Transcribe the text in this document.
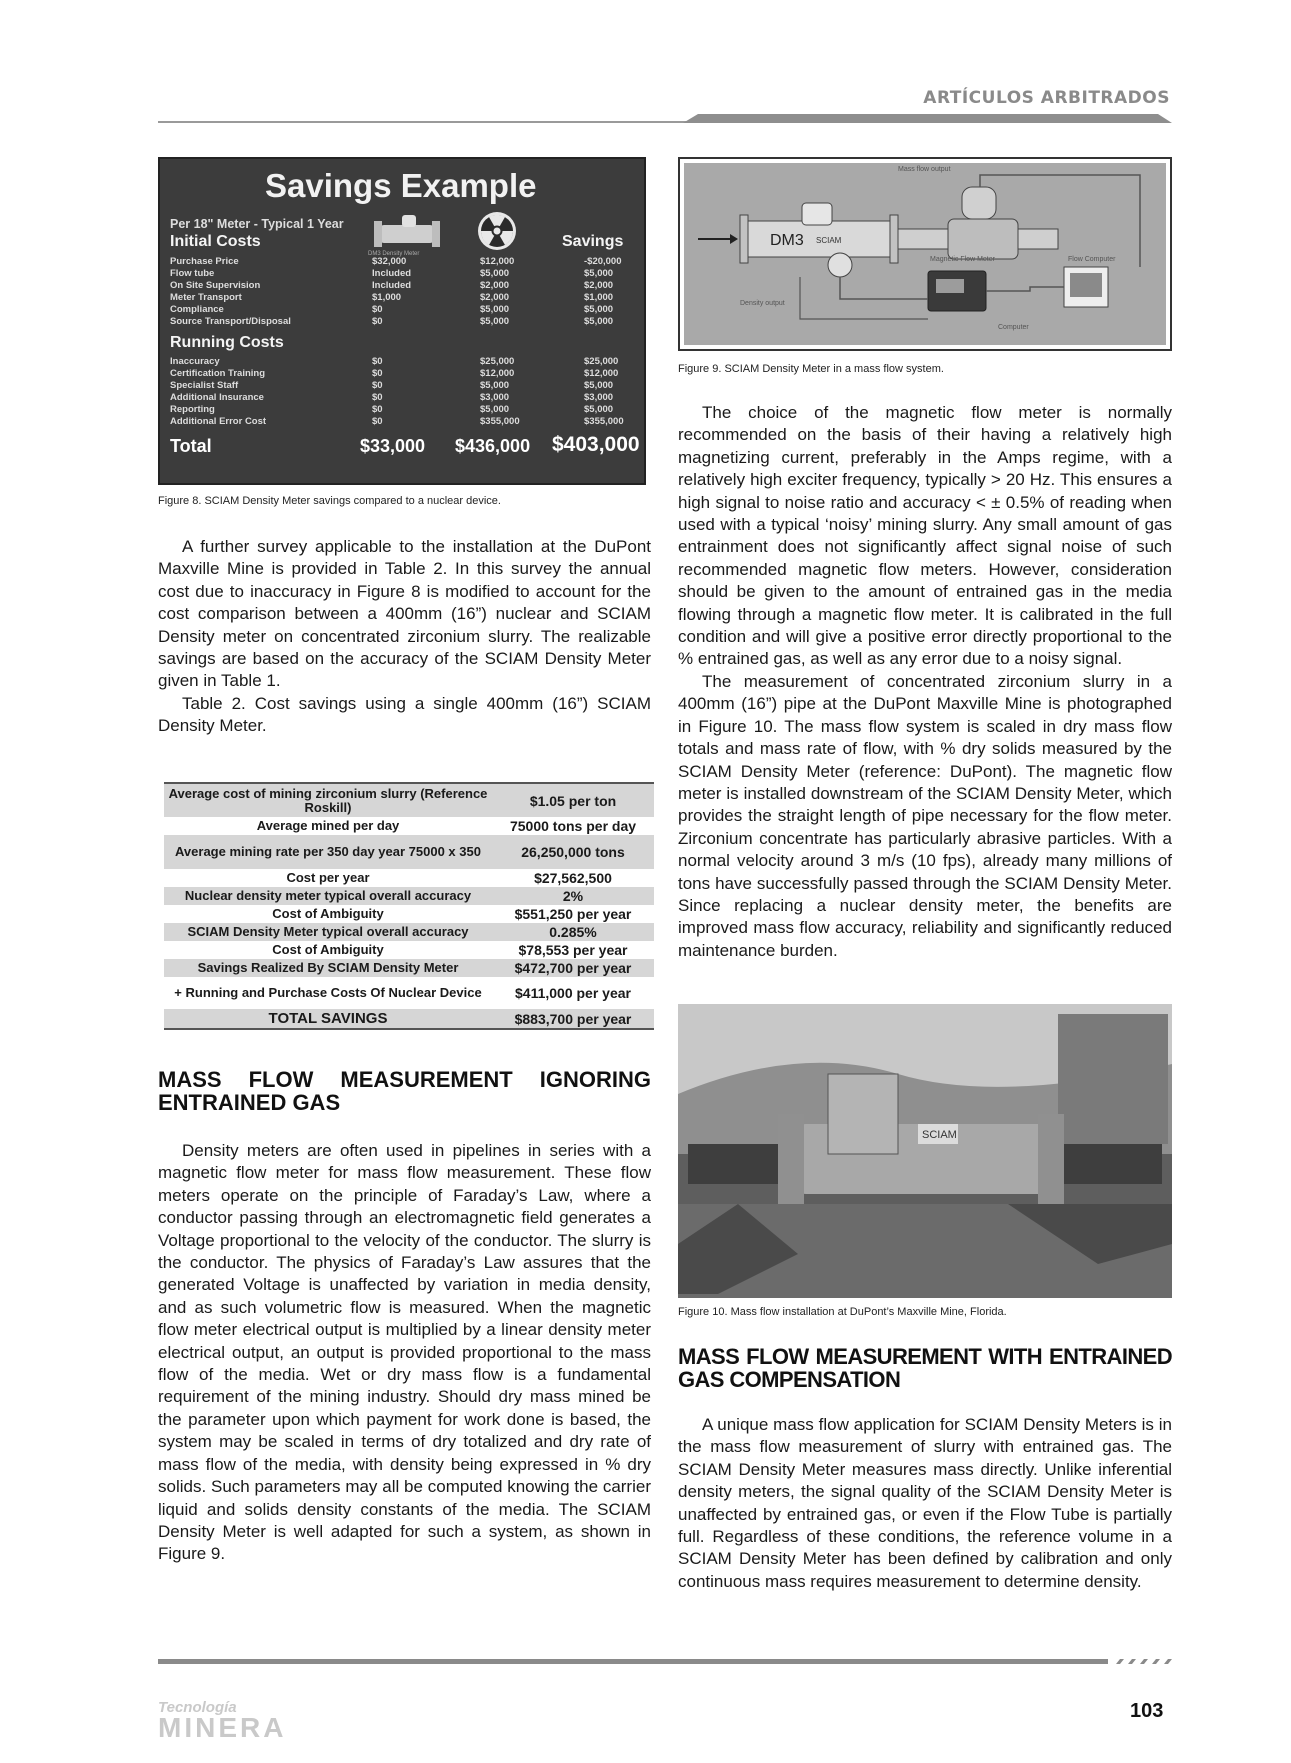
ARTÍCULOS ARBITRADOS
Savings Example
Per 18" Meter - Typical 1 Year
DM3 Density Meter
Initial Costs	Savings
Purchase Price	$32,000	$12,000	-$20,000
Flow tube	Included	$5,000	$5,000
On Site Supervision	Included	$2,000	$2,000
Meter Transport	$1,000	$2,000	$1,000
Compliance	$0	$5,000	$5,000
Source Transport/Disposal	$0	$5,000	$5,000
Running Costs
Inaccuracy	$0	$25,000	$25,000
Certification Training	$0	$12,000	$12,000
Specialist Staff	$0	$5,000	$5,000
Additional Insurance	$0	$3,000	$3,000
Reporting	$0	$5,000	$5,000
Additional Error Cost	$0	$355,000	$355,000
Total	$33,000 $436,000 $403,000
Figure 8. SCIAM Density Meter savings compared to a nuclear device.
DM3 SCIAM
Mass flow output
Magnetic Flow Meter	Flow Computer
Density output
Computer
Figure 9. SCIAM Density Meter in a mass flow system.

A further survey applicable to the installation at the DuPont Maxville Mine is provided in Table 2. In this survey the annual cost due to inaccuracy in Figure 8 is modified to account for the cost comparison between a 400mm (16”) nuclear and SCIAM Density meter on concentrated zirconium slurry. The realizable savings are based on the accuracy of the SCIAM Density Meter given in Table 1.

Table 2. Cost savings using a single 400mm (16”) SCIAM Density Meter.

Average cost of mining zirconium slurry (Reference Roskill)	$1.05 per ton
Average mined per day	75000 tons per day
Average mining rate per 350 day year 75000 x 350	26,250,000 tons
Cost per year	$27,562,500
Nuclear density meter typical overall accuracy	2%
Cost of Ambiguity	$551,250 per year
SCIAM Density Meter typical overall accuracy	0.285%
Cost of Ambiguity	$78,553 per year
Savings Realized By SCIAM Density Meter	$472,700 per year
+ Running and Purchase Costs Of Nuclear Device	$411,000 per year
TOTAL SAVINGS	$883,700 per year
MASS FLOW MEASUREMENT IGNORING ENTRAINED GAS

Density meters are often used in pipelines in series with a magnetic flow meter for mass flow measurement. These flow meters operate on the principle of Faraday’s Law, where a conductor passing through an electromagnetic field generates a Voltage proportional to the velocity of the conductor. The slurry is the conductor. The physics of Faraday’s Law assures that the generated Voltage is unaffected by variation in media density, and as such volumetric flow is measured. When the magnetic flow meter electrical output is multiplied by a linear density meter electrical output, an output is provided proportional to the mass flow of the media. Wet or dry mass flow is a fundamental requirement of the mining industry. Should dry mass mined be the parameter upon which payment for work done is based, the system may be scaled in terms of dry totalized and dry rate of mass flow of the media, with density being expressed in % dry solids. Such parameters may all be computed knowing the carrier liquid and solids density constants of the media. The SCIAM Density Meter is well adapted for such a system, as shown in Figure 9.

The choice of the magnetic flow meter is normally recommended on the basis of their having a relatively high magnetizing current, preferably in the Amps regime, with a relatively high exciter frequency, typically > 20 Hz. This ensures a high signal to noise ratio and accuracy < ± 0.5% of reading when used with a typical ‘noisy’ mining slurry. Any small amount of gas entrainment does not significantly affect signal noise of such recommended magnetic flow meters. However, consideration should be given to the amount of entrained gas in the media flowing through a magnetic flow meter. It is calibrated in the full condition and will give a positive error directly proportional to the % entrained gas, as well as any error due to a noisy signal.

The measurement of concentrated zirconium slurry in a 400mm (16”) pipe at the DuPont Maxville Mine is photographed in Figure 10. The mass flow system is scaled in dry mass flow totals and mass rate of flow, with % dry solids measured by the SCIAM Density Meter (reference: DuPont). The magnetic flow meter is installed downstream of the SCIAM Density Meter, which provides the straight length of pipe necessary for the flow meter. Zirconium concentrate has particularly abrasive particles. With a normal velocity around 3 m/s (10 fps), already many millions of tons have successfully passed through the SCIAM Density Meter. Since replacing a nuclear density meter, the benefits are improved mass flow accuracy, reliability and significantly reduced maintenance burden.

SCIAM
Figure 10. Mass flow installation at DuPont’s Maxville Mine, Florida.
MASS FLOW MEASUREMENT WITH ENTRAINED GAS COMPENSATION

A unique mass flow application for SCIAM Density Meters is in the mass flow measurement of slurry with entrained gas. The SCIAM Density Meter measures mass directly. Unlike inferential density meters, the signal quality of the SCIAM Density Meter is unaffected by entrained gas, or even if the Flow Tube is partially full. Regardless of these conditions, the reference volume in a SCIAM Density Meter has been defined by calibration and only continuous mass requires measurement to determine density.

Tecnología
MINERA
103
